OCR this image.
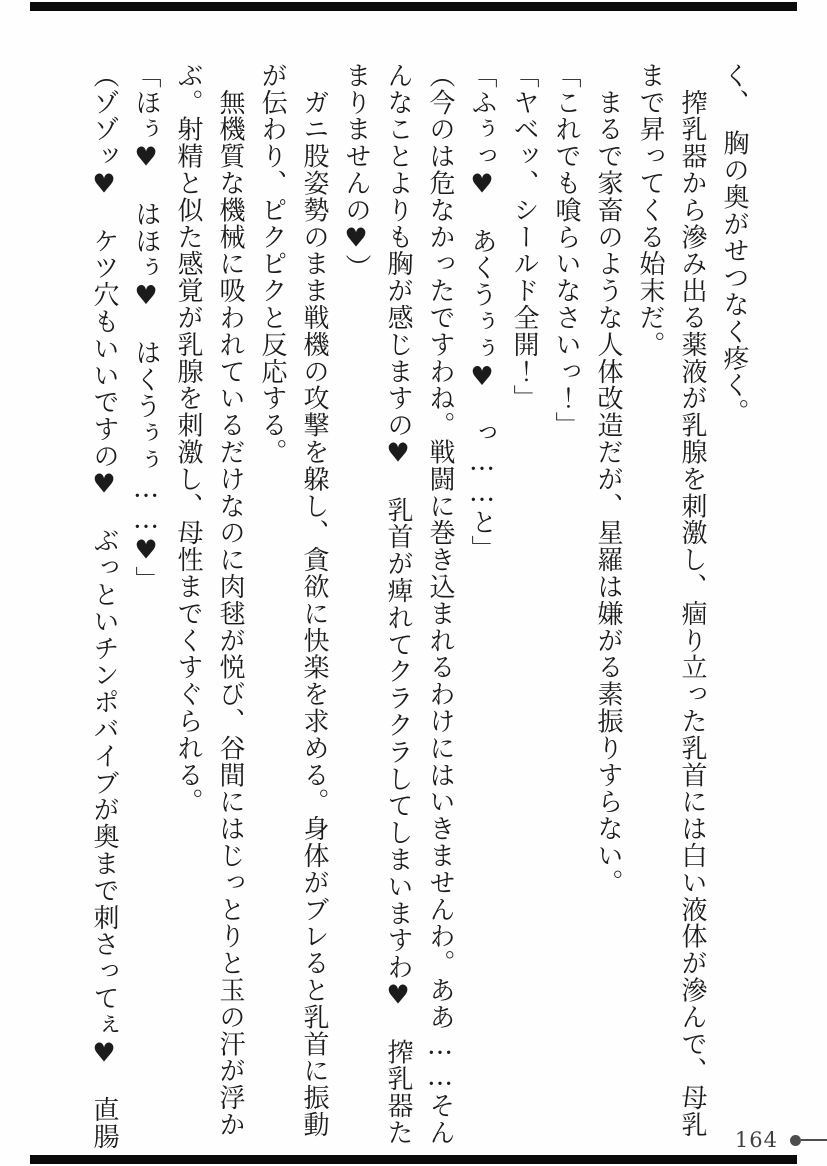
く、　胸の奥がせつなく疼く。
　搾乳器から滲み出る薬液が乳腺を刺激し、痼り立った乳首には白い液体が滲んで、母乳
まで昇ってくる始末だ。
　まるで家畜のような人体改造だが、星羅は嫌がる素振りすらない。
「これでも喰らいなさいっ！」
「ヤベッ、シールド全開！」
「ふぅっ♥　あくうぅぅ♥　っ……と」
（今のは危なかったですわね。戦闘に巻き込まれるわけにはいきませんわ。ああ……そん
んなことよりも胸が感じますの♥　乳首が痺れてクラクラしてしまいますわ♥　搾乳器た
まりませんの♥）
　ガニ股姿勢のまま戦機の攻撃を躱し、貪欲に快楽を求める。身体がブレると乳首に振動
が伝わり、ピクピクと反応する。
　無機質な機械に吸われているだけなのに肉毬が悦び、谷間にはじっとりと玉の汗が浮か
ぶ。射精と似た感覚が乳腺を刺激し、母性までくすぐられる。
「ほぅ♥　はほぅ♥　はくうぅぅ……♥」
（ゾゾッ♥　ケツ穴もいいですの♥　ぶっといチンポバイブが奥まで刺さってぇ♥　直腸	164
